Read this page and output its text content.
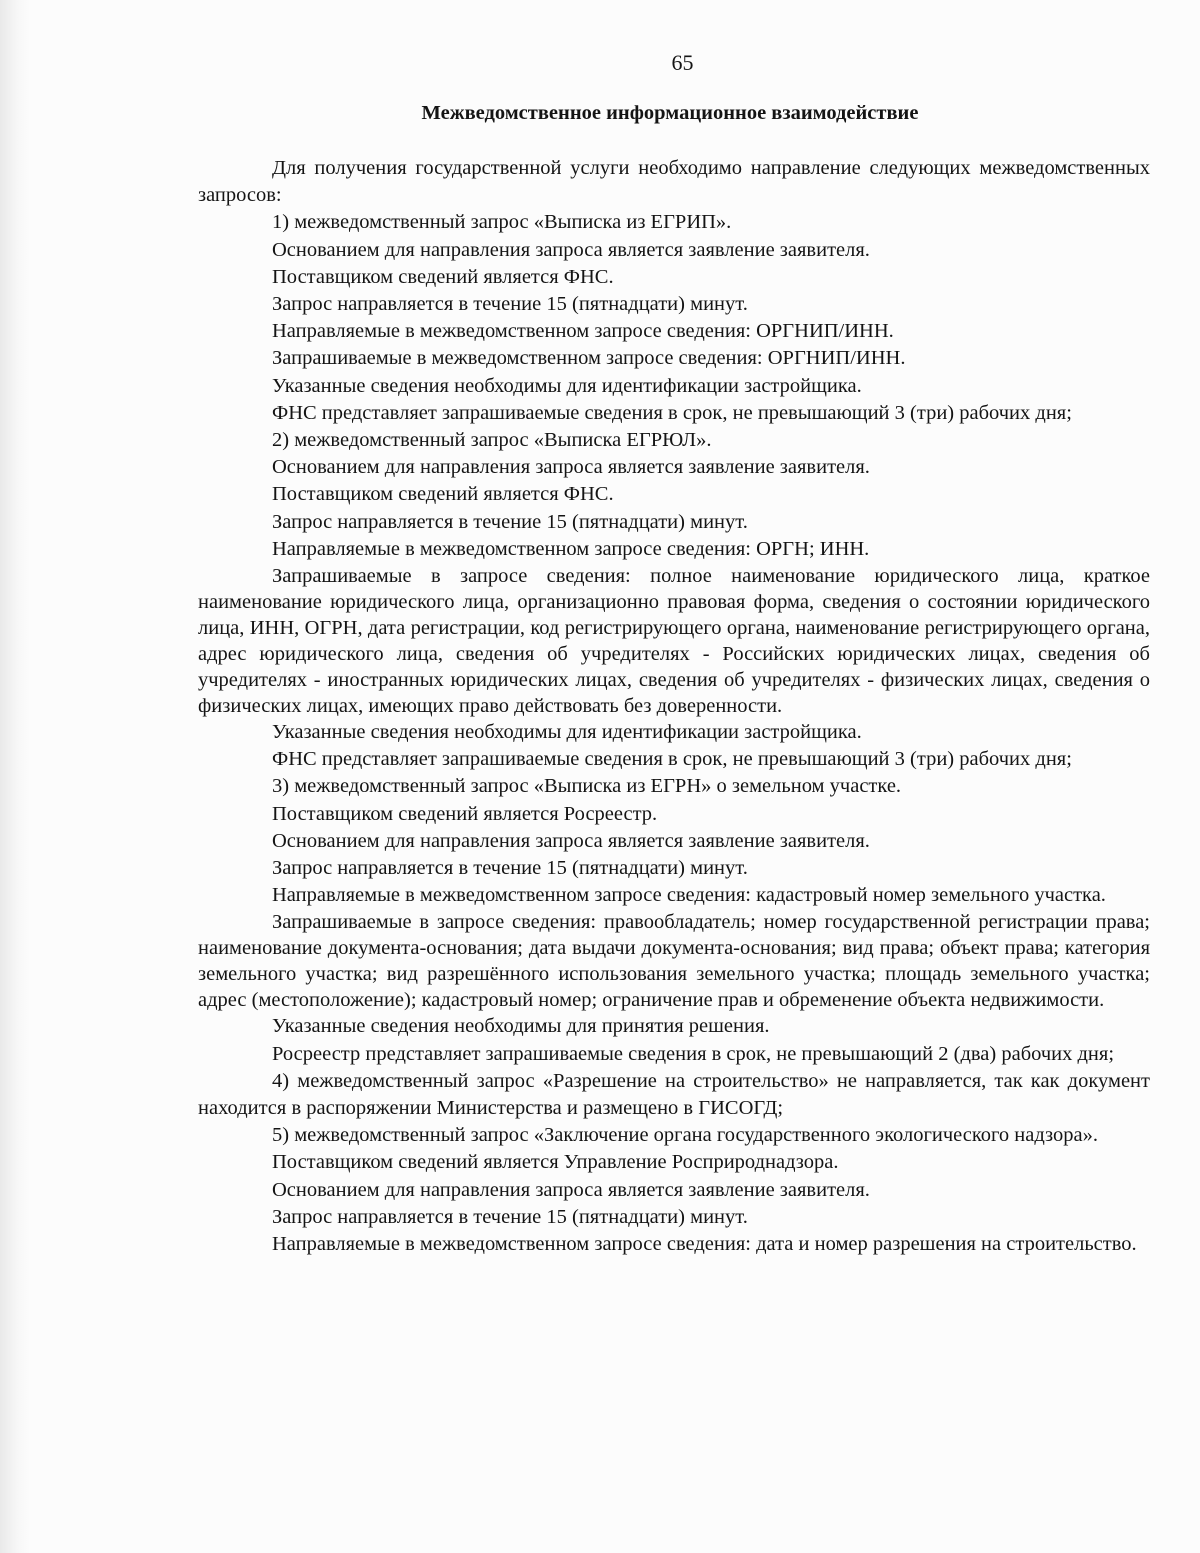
65
Межведомственное информационное взаимодействие

Для получения государственной услуги необходимо направление следующих межведомственных запросов:

1) межведомственный запрос «Выписка из ЕГРИП».

Основанием для направления запроса является заявление заявителя.

Поставщиком сведений является ФНС.

Запрос направляется в течение 15 (пятнадцати) минут.

Направляемые в межведомственном запросе сведения: ОРГНИП/ИНН.

Запрашиваемые в межведомственном запросе сведения: ОРГНИП/ИНН.

Указанные сведения необходимы для идентификации застройщика.

ФНС представляет запрашиваемые сведения в срок, не превышающий 3 (три) рабочих дня;

2) межведомственный запрос «Выписка ЕГРЮЛ».

Основанием для направления запроса является заявление заявителя.

Поставщиком сведений является ФНС.

Запрос направляется в течение 15 (пятнадцати) минут.

Направляемые в межведомственном запросе сведения: ОРГН; ИНН.

Запрашиваемые в запросе сведения: полное наименование юридического лица, краткое наименование юридического лица, организационно правовая форма, сведения о состоянии юридического лица, ИНН, ОГРН, дата регистрации, код регистрирующего органа, наименование регистрирующего органа, адрес юридического лица, сведения об учредителях - Российских юридических лицах, сведения об учредителях - иностранных юридических лицах, сведения об учредителях - физических лицах, сведения о физических лицах, имеющих право действовать без доверенности.

Указанные сведения необходимы для идентификации застройщика.

ФНС представляет запрашиваемые сведения в срок, не превышающий 3 (три) рабочих дня;

3) межведомственный запрос «Выписка из ЕГРН» о земельном участке.

Поставщиком сведений является Росреестр.

Основанием для направления запроса является заявление заявителя.

Запрос направляется в течение 15 (пятнадцати) минут.

Направляемые в межведомственном запросе сведения: кадастровый номер земельного участка.

Запрашиваемые в запросе сведения: правообладатель; номер государственной регистрации права; наименование документа-основания; дата выдачи документа-основания; вид права; объект права; категория земельного участка; вид разрешённого использования земельного участка; площадь земельного участка; адрес (местоположение); кадастровый номер; ограничение прав и обременение объекта недвижимости.

Указанные сведения необходимы для принятия решения.

Росреестр представляет запрашиваемые сведения в срок, не превышающий 2 (два) рабочих дня;

4) межведомственный запрос «Разрешение на строительство» не направляется, так как документ находится в распоряжении Министерства и размещено в ГИСОГД;

5) межведомственный запрос «Заключение органа государственного экологического надзора».

Поставщиком сведений является Управление Росприроднадзора.

Основанием для направления запроса является заявление заявителя.

Запрос направляется в течение 15 (пятнадцати) минут.

Направляемые в межведомственном запросе сведения: дата и номер разрешения на строительство.
